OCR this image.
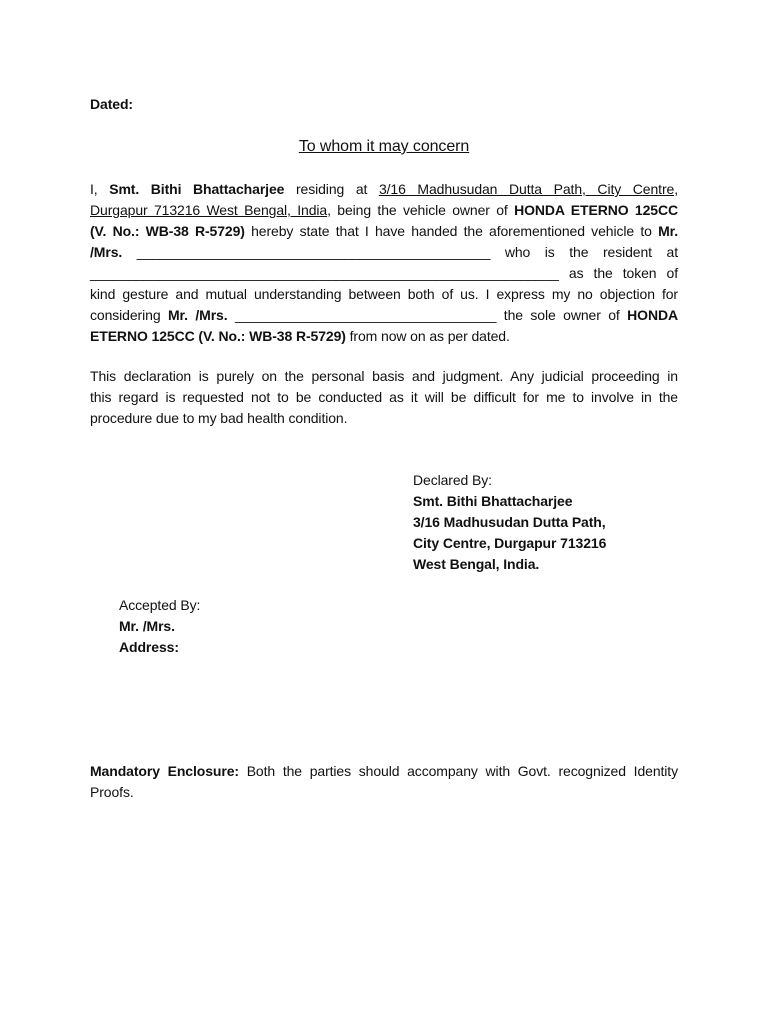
Dated:
To whom it may concern
I, Smt. Bithi Bhattacharjee residing at 3/16 Madhusudan Dutta Path, City Centre,
Durgapur 713216 West Bengal, India, being the vehicle owner of HONDA ETERNO 125CC
(V. No.: WB-38 R-5729) hereby state that I have handed the aforementioned vehicle to Mr.
/Mrs. ______________________________________________ who is the resident at
_____________________________________________________________ as the token of
kind gesture and mutual understanding between both of us. I express my no objection for
considering Mr. /Mrs. __________________________________ the sole owner of HONDA
ETERNO 125CC (V. No.: WB-38 R-5729) from now on as per dated.
This declaration is purely on the personal basis and judgment. Any judicial proceeding in
this regard is requested not to be conducted as it will be difficult for me to involve in the
procedure due to my bad health condition.
Declared By:
Smt. Bithi Bhattacharjee
3/16 Madhusudan Dutta Path,
City Centre, Durgapur 713216
West Bengal, India.
Accepted By:
Mr. /Mrs.
Address:
Mandatory Enclosure: Both the parties should accompany with Govt. recognized Identity
Proofs.
